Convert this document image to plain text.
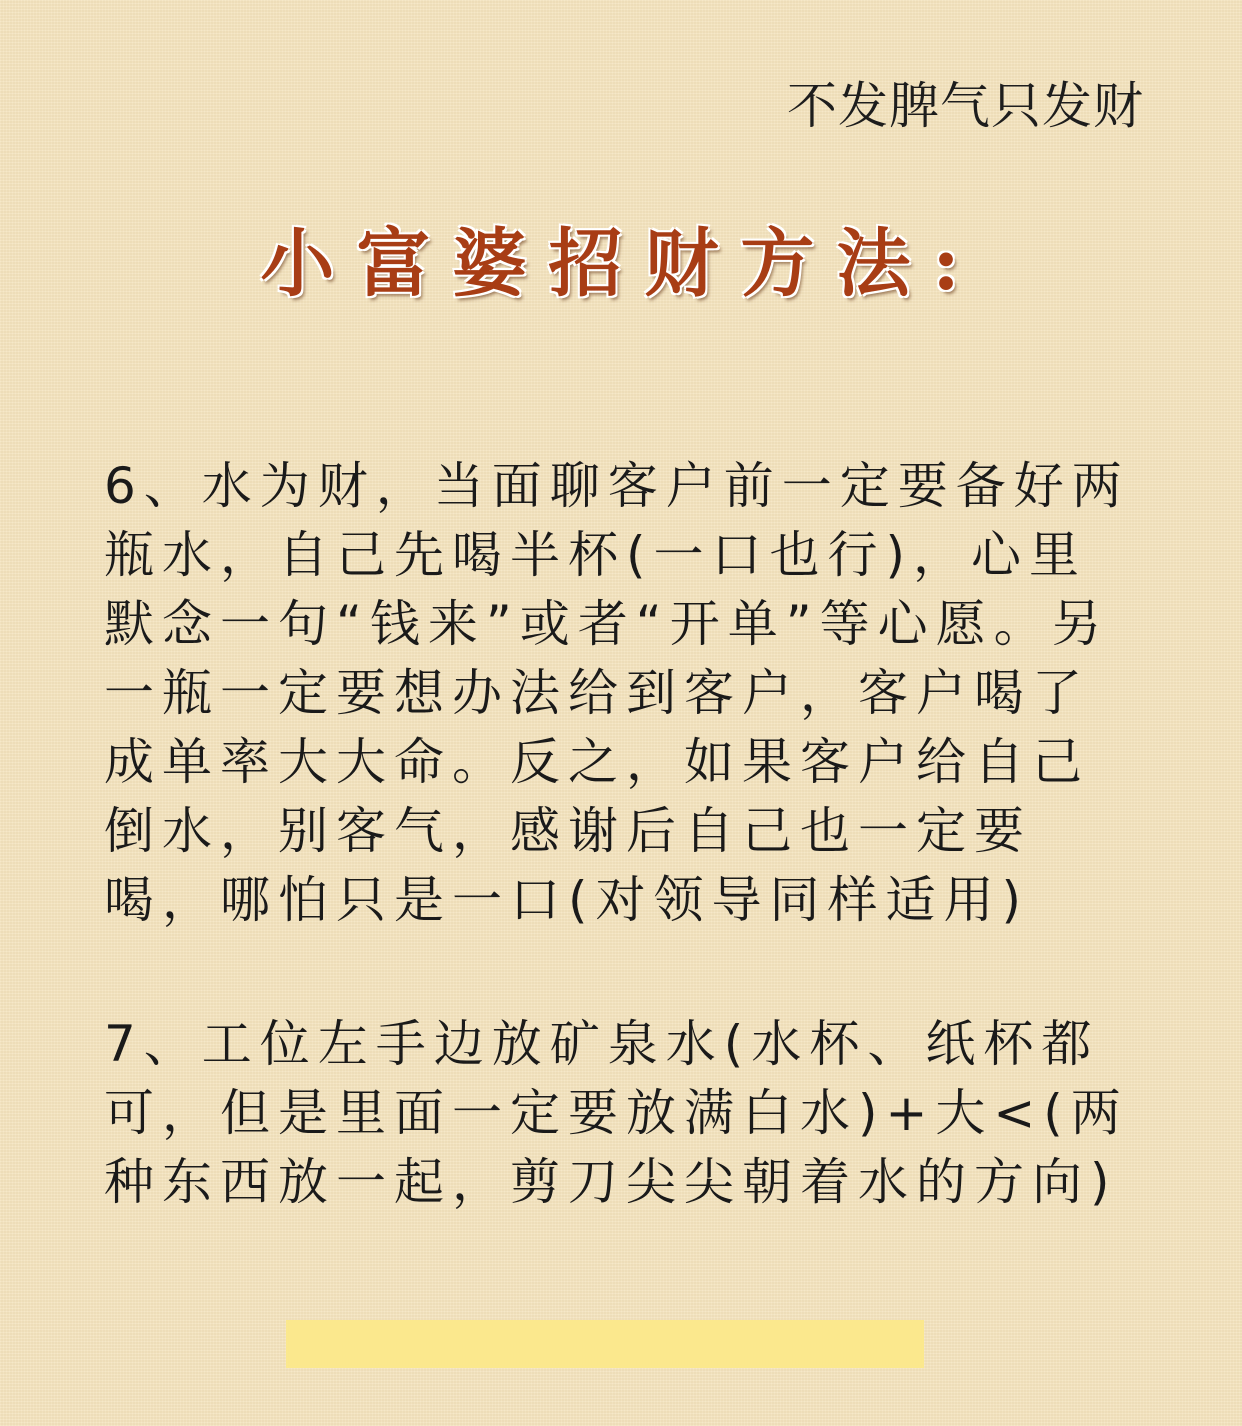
不发脾气只发财
小富婆招财方法:

6、水为财，当面聊客户前一定要备好两瓶水，自己先喝半杯(一口也行)，心里默念一句“钱来”或者“开单”等心愿。另一瓶一定要想办法给到客户，客户喝了成单率大大命。反之，如果客户给自己倒水，别客气，感谢后自己也一定要喝，哪怕只是一口(对领导同样适用)

7、工位左手边放矿泉水(水杯、纸杯都可，但是里面一定要放满白水)+大<(两种东西放一起，剪刀尖尖朝着水的方向)
